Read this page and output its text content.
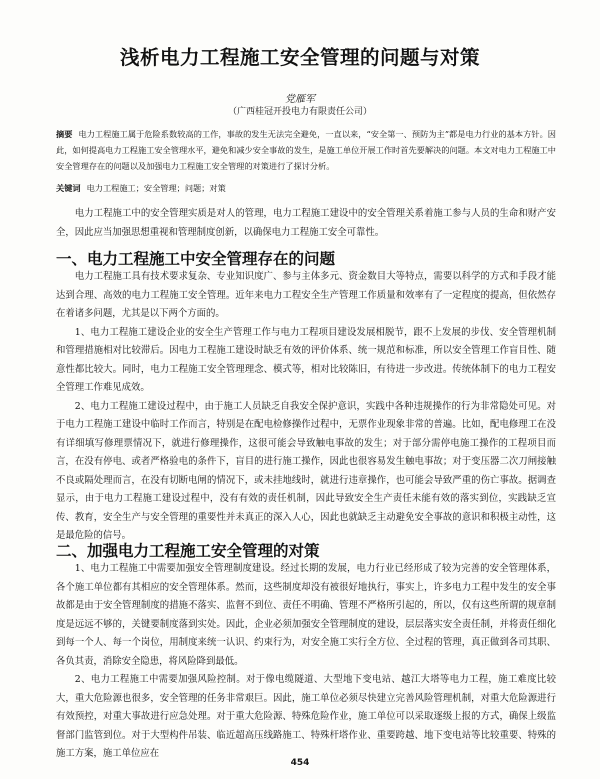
浅析电力工程施工安全管理的问题与对策
党雁军
（广西桂冠开投电力有限责任公司）
摘要 电力工程施工属于危险系数较高的工作，事故的发生无法完全避免，一直以来，“安全第一、预防为主”都是电力行业的基本方针。因此，如何提高电力工程施工安全管理水平，避免和减少安全事故的发生，是施工单位开展工作时首先要解决的问题。本文对电力工程施工中安全管理存在的问题以及加强电力工程施工安全管理的对策进行了探讨分析。
关键词 电力工程施工；安全管理；问题；对策
电力工程施工中的安全管理实质是对人的管理，电力工程施工建设中的安全管理关系着施工参与人员的生命和财产安全，因此应当加强思想重视和管理制度创新，以确保电力工程施工安全可靠性。
一、电力工程施工中安全管理存在的问题

电力工程施工具有技术要求复杂、专业知识度广、参与主体多元、资金数目大等特点，需要以科学的方式和手段才能达到合理、高效的电力工程施工安全管理。近年来电力工程安全生产管理工作质量和效率有了一定程度的提高，但依然存在着诸多问题，尤其是以下两个方面的。

1、电力工程施工建设企业的安全生产管理工作与电力工程项目建设发展相脱节，跟不上发展的步伐、安全管理机制和管理措施相对比较滞后。因电力工程施工建设时缺乏有效的评价体系、统一规范和标准，所以安全管理工作盲目性、随意性都比较大。同时，电力工程施工安全管理理念、模式等，相对比较陈旧，有待进一步改进。传统体制下的电力工程安全管理工作难见成效。

2、电力工程施工建设过程中，由于施工人员缺乏自我安全保护意识，实践中各种违规操作的行为非常隐处可见。对于电力工程施工建设中临时工作而言，特别是在配电检修操作过程中，无票作业现象非常的普遍。比如，配电修理工在没有详细填写修理票情况下，就进行修理操作，这很可能会导致触电事故的发生；对于部分需停电施工操作的工程项目而言，在没有停电、或者严格验电的条件下，盲目的进行施工操作，因此也很容易发生触电事故；对于变压器二次刀闸接触不良或隔处理而言，在没有切断电闸的情况下，或未挂地线时，就进行违章操作，也可能会导致严重的伤亡事故。据调查显示，由于电力工程施工建设过程中，没有有效的责任机制，因此导致安全生产责任未能有效的落实到位，实践缺乏宣传、教育，安全生产与安全管理的重要性并未真正的深入人心，因此也就缺乏主动避免安全事故的意识和积极主动性，这是最危险的信号。

二、加强电力工程施工安全管理的对策

1、电力工程施工中需要加强安全管理制度建设。经过长期的发展，电力行业已经形成了较为完善的安全管理体系，各个施工单位都有其相应的安全管理体系。然而，这些制度却没有被很好地执行，事实上，许多电力工程中发生的安全事故都是由于安全管理制度的措施不落实、监督不到位、责任不明确、管理不严格所引起的，所以，仅有这些所谓的规章制度是远远不够的，关键要制度落到实处。因此，企业必须加强安全管理制度的建设，层层落实安全责任制，并将责任细化到每一个人、每一个岗位，用制度来统一认识、约束行为，对安全施工实行全方位、全过程的管理，真正做到各司其职、各负其责，消除安全隐患，将风险降到最低。

2、电力工程施工中需要加强风险控制。对于像电缆隧道、大型地下变电站、越江大塔等电力工程，施工难度比较大，重大危险源也很多，安全管理的任务非常艰巨。因此，施工单位必须尽快建立完善风险管理机制，对重大危险源进行有效预控，对重大事故进行应急处理。对于重大危险源、特殊危险作业，施工单位可以采取逐级上报的方式，确保上级监督部门监管到位。对于大型构件吊装、临近超高压线路施工、特殊杆塔作业、重要跨越、地下变电站等比较重要、特殊的施工方案，施工单位应在

454
